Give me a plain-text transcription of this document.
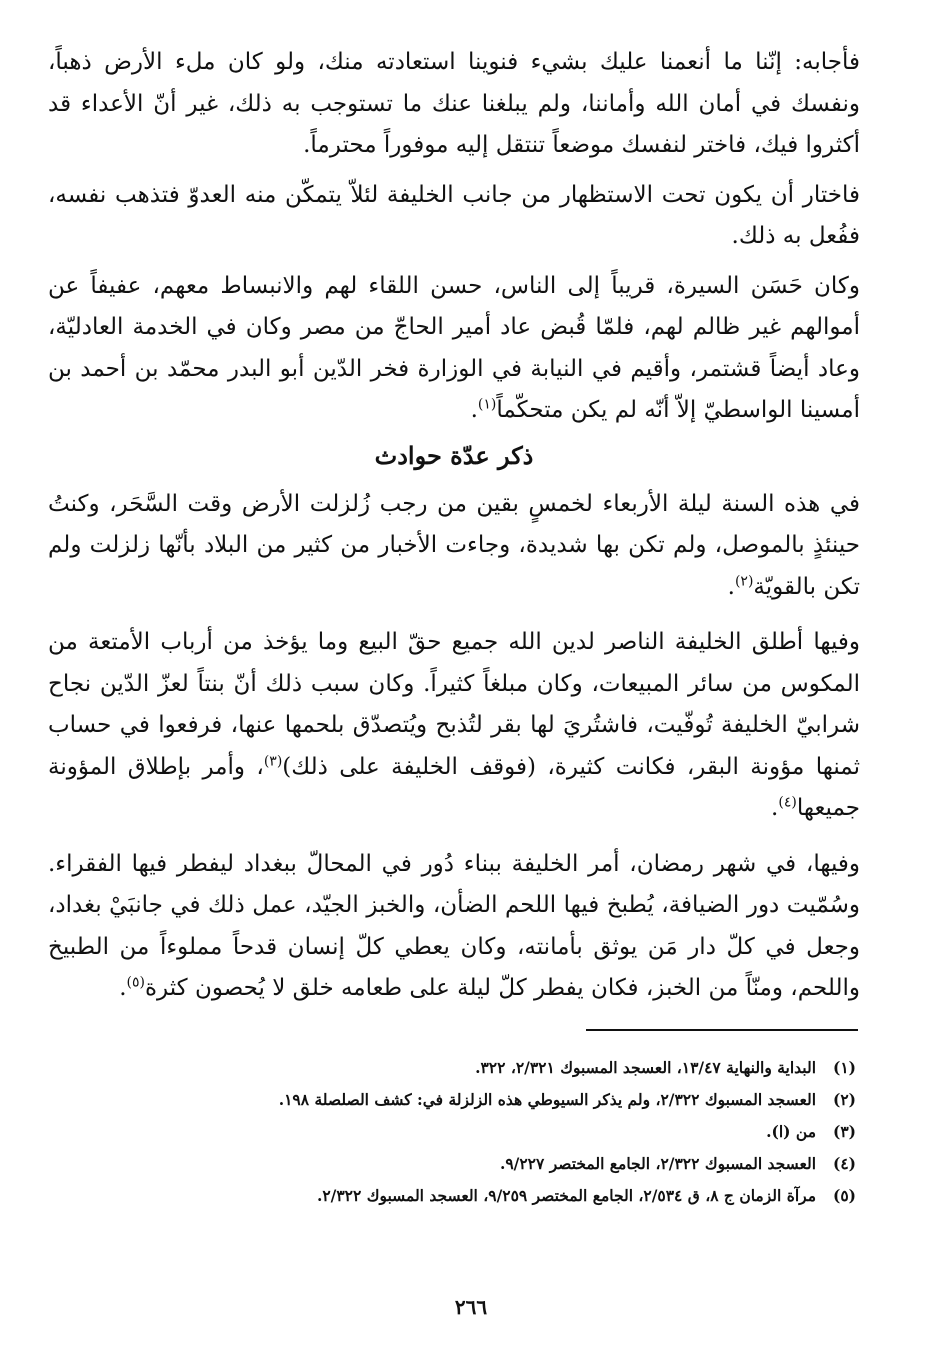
فأجابه: إنّنا ما أنعمنا عليك بشيء فنوينا استعادته منك، ولو كان ملء الأرض ذهباً، ونفسك في أمان الله وأماننا، ولم يبلغنا عنك ما تستوجب به ذلك، غير أنّ الأعداء قد أكثروا فيك، فاختر لنفسك موضعاً تنتقل إليه موفوراً محترماً.

فاختار أن يكون تحت الاستظهار من جانب الخليفة لئلاّ يتمكّن منه العدوّ فتذهب نفسه، ففُعل به ذلك.

وكان حَسَن السيرة، قريباً إلى الناس، حسن اللقاء لهم والانبساط معهم، عفيفاً عن أموالهم غير ظالم لهم، فلمّا قُبض عاد أمير الحاجّ من مصر وكان في الخدمة العادليّة، وعاد أيضاً قشتمر، وأقيم في النيابة في الوزارة فخر الدّين أبو البدر محمّد بن أحمد بن أمسينا الواسطيّ إلاّ أنّه لم يكن متحكّماً$^{(١)}$.

ذكر عدّة حوادث

في هذه السنة ليلة الأربعاء لخمسٍ بقين من رجب زُلزلت الأرض وقت السَّحَر، وكنتُ حينئذٍ بالموصل، ولم تكن بها شديدة، وجاءت الأخبار من كثير من البلاد بأنّها زلزلت ولم تكن بالقويّة$^{(٢)}$.

وفيها أطلق الخليفة الناصر لدين الله جميع حقّ البيع وما يؤخذ من أرباب الأمتعة من المكوس من سائر المبيعات، وكان مبلغاً كثيراً. وكان سبب ذلك أنّ بنتاً لعزّ الدّين نجاح شرابيّ الخليفة تُوفّيت، فاشتُريَ لها بقر لتُذبح ويُتصدّق بلحمها عنها، فرفعوا في حساب ثمنها مؤونة البقر، فكانت كثيرة، (فوقف الخليفة على ذلك)$^{(٣)}$، وأمر بإطلاق المؤونة جميعها$^{(٤)}$.

وفيها، في شهر رمضان، أمر الخليفة ببناء دُور في المحالّ ببغداد ليفطر فيها الفقراء. وسُمّيت دور الضيافة، يُطبخ فيها اللحم الضأن، والخبز الجيّد، عمل ذلك في جانبَيْ بغداد، وجعل في كلّ دار مَن يوثق بأمانته، وكان يعطي كلّ إنسان قدحاً مملوءاً من الطبيخ واللحم، ومنّاً من الخبز، فكان يفطر كلّ ليلة على طعامه خلق لا يُحصون كثرة$^{(٥)}$.

(١)
البداية والنهاية ١٣/٤٧، العسجد المسبوك ٢/٣٢١، ٣٢٢.
(٢)
العسجد المسبوك ٢/٣٢٢، ولم يذكر السيوطي هذه الزلزلة في: كشف الصلصلة ١٩٨.
(٣)
من (ا).
(٤)
العسجد المسبوك ٢/٣٢٢، الجامع المختصر ٩/٢٢٧.
(٥)
مرآة الزمان ج ٨، ق ٢/٥٣٤، الجامع المختصر ٩/٢٥٩، العسجد المسبوك ٢/٣٢٢.
٢٦٦
